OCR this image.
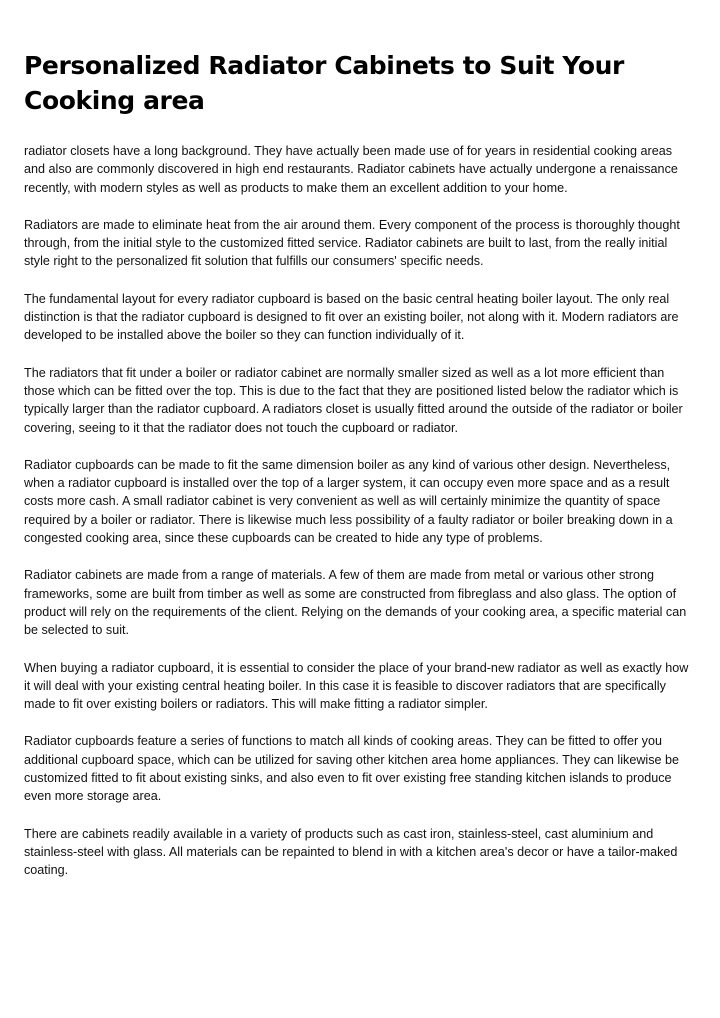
Personalized Radiator Cabinets to Suit Your Cooking area

radiator closets have a long background. They have actually been made use of for years in residential cooking areas and also are commonly discovered in high end restaurants. Radiator cabinets have actually undergone a renaissance recently, with modern styles as well as products to make them an excellent addition to your home.

Radiators are made to eliminate heat from the air around them. Every component of the process is thoroughly thought through, from the initial style to the customized fitted service. Radiator cabinets are built to last, from the really initial style right to the personalized fit solution that fulfills our consumers' specific needs.

The fundamental layout for every radiator cupboard is based on the basic central heating boiler layout. The only real distinction is that the radiator cupboard is designed to fit over an existing boiler, not along with it. Modern radiators are developed to be installed above the boiler so they can function individually of it.

The radiators that fit under a boiler or radiator cabinet are normally smaller sized as well as a lot more efficient than those which can be fitted over the top. This is due to the fact that they are positioned listed below the radiator which is typically larger than the radiator cupboard. A radiators closet is usually fitted around the outside of the radiator or boiler covering, seeing to it that the radiator does not touch the cupboard or radiator.

Radiator cupboards can be made to fit the same dimension boiler as any kind of various other design. Nevertheless, when a radiator cupboard is installed over the top of a larger system, it can occupy even more space and as a result costs more cash. A small radiator cabinet is very convenient as well as will certainly minimize the quantity of space required by a boiler or radiator. There is likewise much less possibility of a faulty radiator or boiler breaking down in a congested cooking area, since these cupboards can be created to hide any type of problems.

Radiator cabinets are made from a range of materials. A few of them are made from metal or various other strong frameworks, some are built from timber as well as some are constructed from fibreglass and also glass. The option of product will rely on the requirements of the client. Relying on the demands of your cooking area, a specific material can be selected to suit.

When buying a radiator cupboard, it is essential to consider the place of your brand-new radiator as well as exactly how it will deal with your existing central heating boiler. In this case it is feasible to discover radiators that are specifically made to fit over existing boilers or radiators. This will make fitting a radiator simpler.

Radiator cupboards feature a series of functions to match all kinds of cooking areas. They can be fitted to offer you additional cupboard space, which can be utilized for saving other kitchen area home appliances. They can likewise be customized fitted to fit about existing sinks, and also even to fit over existing free standing kitchen islands to produce even more storage area.

There are cabinets readily available in a variety of products such as cast iron, stainless-steel, cast aluminium and stainless-steel with glass. All materials can be repainted to blend in with a kitchen area's decor or have a tailor-maked coating.
